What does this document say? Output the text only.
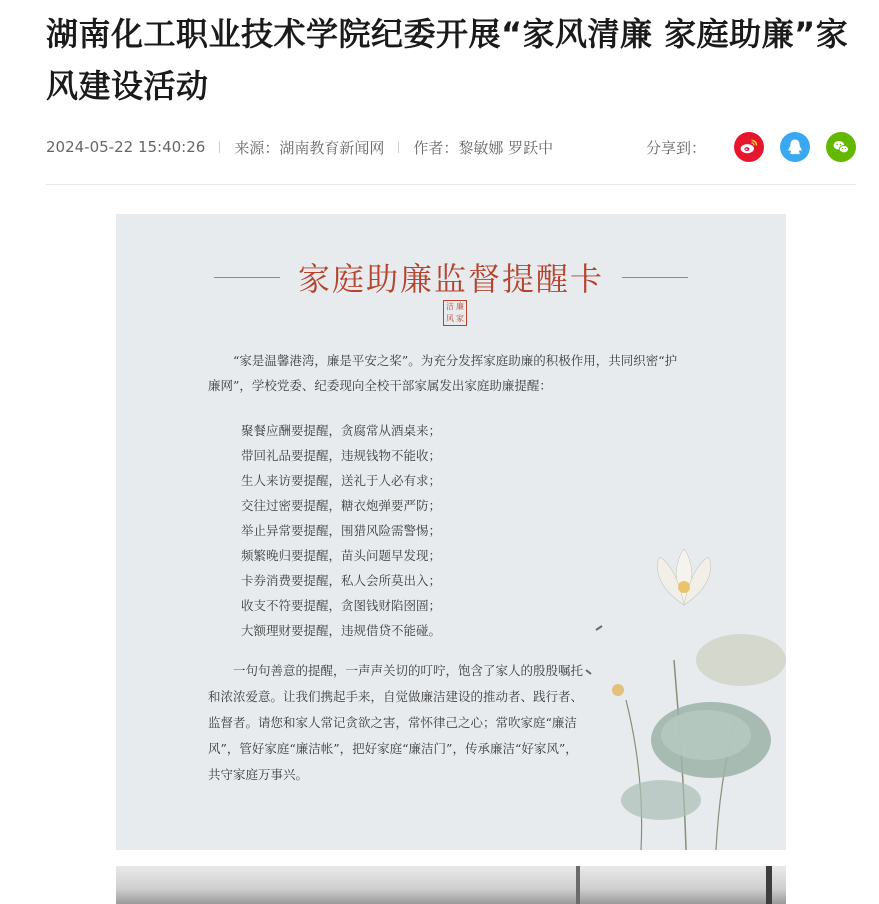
湖南化工职业技术学院纪委开展“家风清廉 家庭助廉”家风建设活动
2024-05-22 15:40:26 来源：湖南教育新闻网 作者：黎敏娜 罗跃中	分享到：
家庭助廉监督提醒卡
洁 廉
风 家

“家是温馨港湾，廉是平安之桨”。为充分发挥家庭助廉的积极作用，共同织密“护廉网”，学校党委、纪委现向全校干部家属发出家庭助廉提醒：

聚餐应酬要提醒，贪腐常从酒桌来；
带回礼品要提醒，违规钱物不能收；
生人来访要提醒，送礼于人必有求；
交往过密要提醒，糖衣炮弹要严防；
举止异常要提醒，围猎风险需警惕；
频繁晚归要提醒，苗头问题早发现；
卡券消费要提醒，私人会所莫出入；
收支不符要提醒，贪图钱财陷囹圄；
大额理财要提醒，违规借贷不能碰。

一句句善意的提醒，一声声关切的叮咛，饱含了家人的殷殷嘱托和浓浓爱意。让我们携起手来，自觉做廉洁建设的推动者、践行者、监督者。请您和家人常记贪欲之害，常怀律己之心；常吹家庭“廉洁风”，管好家庭“廉洁帐”，把好家庭“廉洁门”，传承廉洁“好家风”，共守家庭万事兴。
